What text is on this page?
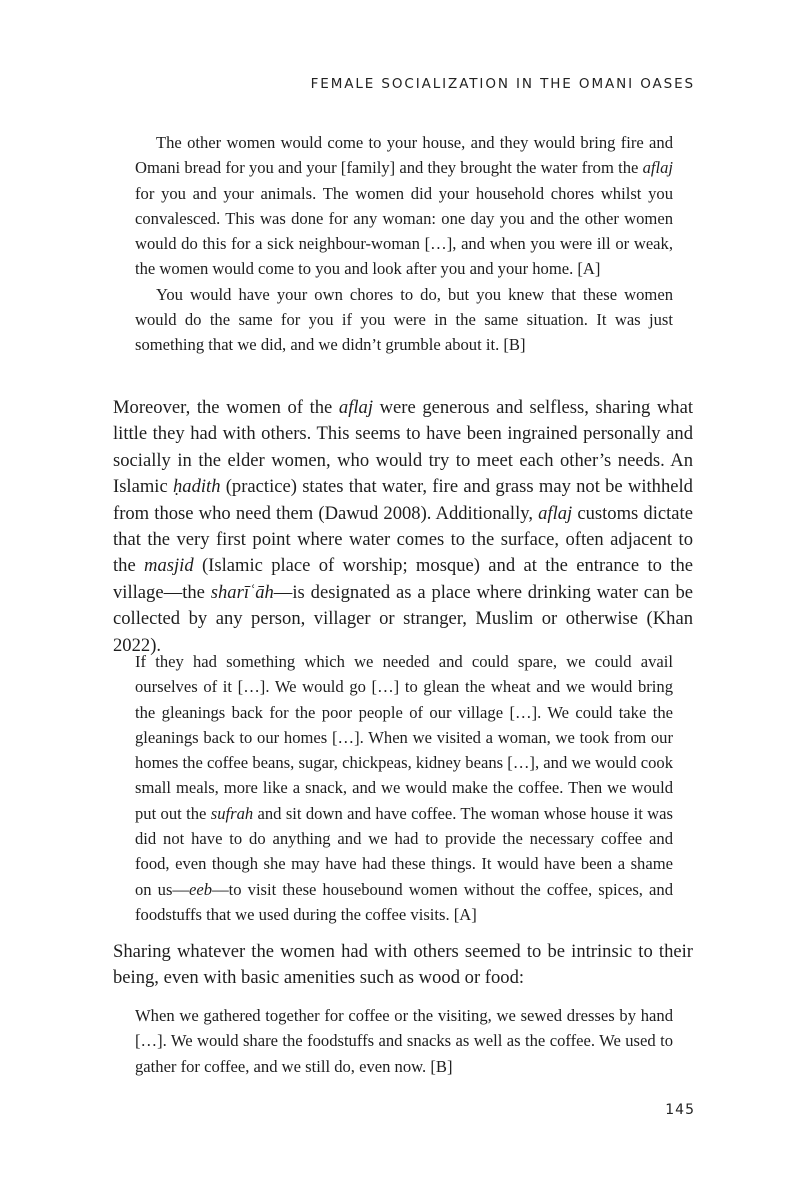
FEMALE SOCIALIZATION IN THE OMANI OASES

The other women would come to your house, and they would bring fire and Omani bread for you and your [family] and they brought the water from the aflaj for you and your animals. The women did your household chores whilst you convalesced. This was done for any woman: one day you and the other women would do this for a sick neighbour-woman […], and when you were ill or weak, the women would come to you and look after you and your home. [A]

You would have your own chores to do, but you knew that these women would do the same for you if you were in the same situation. It was just something that we did, and we didn’t grumble about it. [B]

Moreover, the women of the aflaj were generous and selfless, sharing what little they had with others. This seems to have been ingrained personally and socially in the elder women, who would try to meet each other’s needs. An Islamic ḥadith (practice) states that water, fire and grass may not be withheld from those who need them (Dawud 2008). Additionally, aflaj customs dictate that the very first point where water comes to the surface, often adjacent to the masjid (Islamic place of worship; mosque) and at the entrance to the village—the sharīʿāh—is designated as a place where drinking water can be collected by any person, villager or stranger, Muslim or otherwise (Khan 2022).

If they had something which we needed and could spare, we could avail ourselves of it […]. We would go […] to glean the wheat and we would bring the gleanings back for the poor people of our village […]. We could take the gleanings back to our homes […]. When we visited a woman, we took from our homes the coffee beans, sugar, chickpeas, kidney beans […], and we would cook small meals, more like a snack, and we would make the coffee. Then we would put out the sufrah and sit down and have coffee. The woman whose house it was did not have to do anything and we had to provide the necessary coffee and food, even though she may have had these things. It would have been a shame on us—eeb—to visit these housebound women without the coffee, spices, and foodstuffs that we used during the coffee visits. [A]

Sharing whatever the women had with others seemed to be intrinsic to their being, even with basic amenities such as wood or food:

When we gathered together for coffee or the visiting, we sewed dresses by hand […]. We would share the foodstuffs and snacks as well as the coffee. We used to gather for coffee, and we still do, even now. [B]

145
